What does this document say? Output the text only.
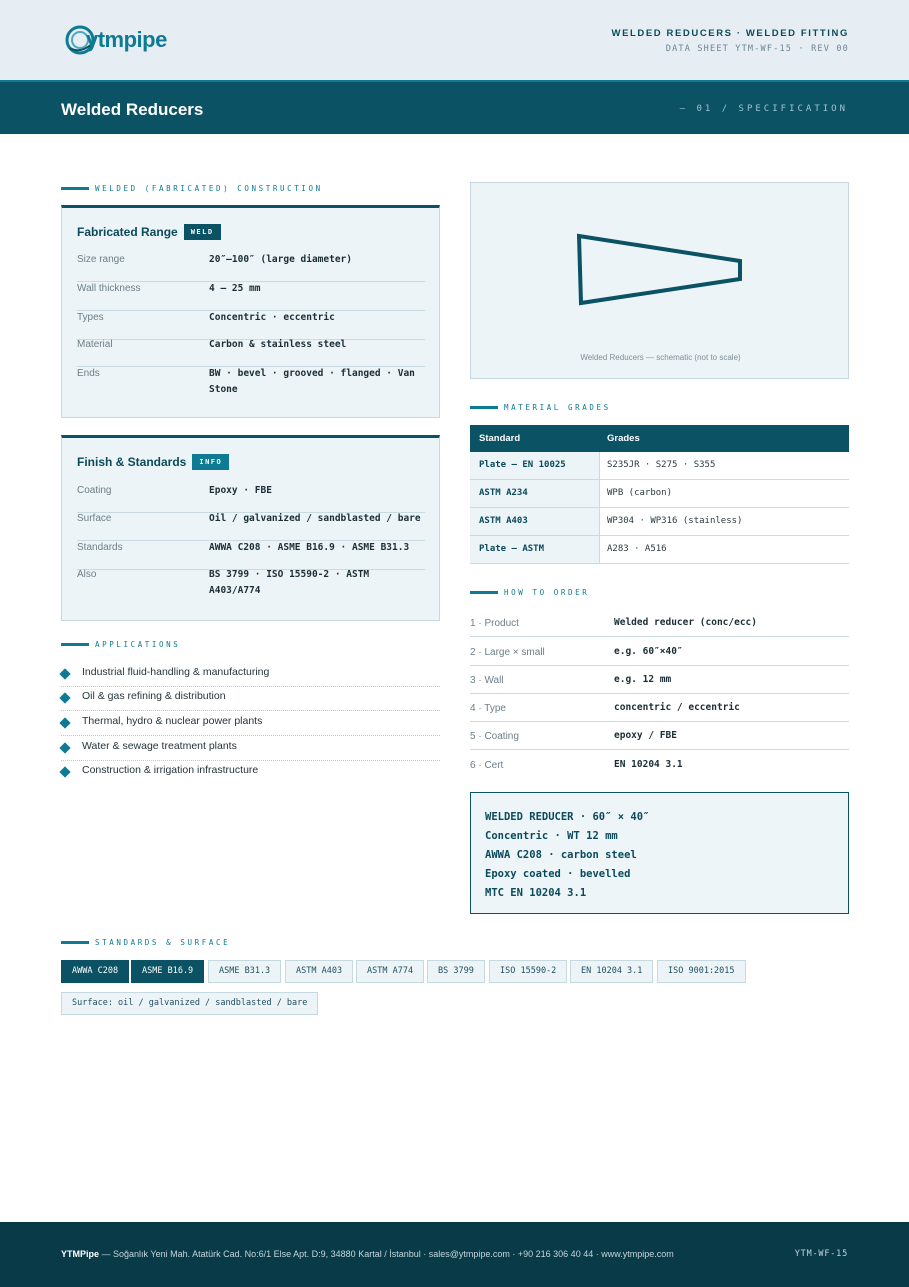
ytmpipe	WELDED REDUCERS · WELDED FITTING
DATA SHEET YTM-WF-15 · REV 00
Welded Reducers	— 01 / SPECIFICATION
WELDED (FABRICATED) CONSTRUCTION
Fabricated Range	WELD
Size range	20″–100″ (large diameter)
Wall thickness	4 – 25 mm
Types	Concentric · eccentric
Material	Carbon & stainless steel
Ends	BW · bevel · grooved · flanged · Van Stone
Finish & Standards	INFO
Coating	Epoxy · FBE
Surface	Oil / galvanized / sandblasted / bare
Standards	AWWA C208 · ASME B16.9 · ASME B31.3
Also	BS 3799 · ISO 15590-2 · ASTM A403/A774
APPLICATIONS
Industrial fluid-handling & manufacturing
Oil & gas refining & distribution
Thermal, hydro & nuclear power plants
Water & sewage treatment plants
Construction & irrigation infrastructure
Welded Reducers — schematic (not to scale)
MATERIAL GRADES
Standard	Grades
Plate — EN 10025	S235JR · S275 · S355
ASTM A234	WPB (carbon)
ASTM A403	WP304 · WP316 (stainless)
Plate — ASTM	A283 · A516
HOW TO ORDER
1 · Product	Welded reducer (conc/ecc)
2 · Large × small	e.g. 60″×40″
3 · Wall	e.g. 12 mm
4 · Type	concentric / eccentric
5 · Coating	epoxy / FBE
6 · Cert	EN 10204 3.1
WELDED REDUCER · 60″ × 40″
Concentric · WT 12 mm
AWWA C208 · carbon steel
Epoxy coated · bevelled
MTC EN 10204 3.1
STANDARDS & SURFACE
AWWA C208	ASME B16.9	ASME B31.3	ASTM A403	ASTM A774	BS 3799	ISO 15590-2	EN 10204 3.1	ISO 9001:2015
Surface: oil / galvanized / sandblasted / bare
YTMPipe — Soğanlık Yeni Mah. Atatürk Cad. No:6/1 Else Apt. D:9, 34880 Kartal / İstanbul · sales@ytmpipe.com · +90 216 306 40 44 · www.ytmpipe.com	YTM-WF-15
